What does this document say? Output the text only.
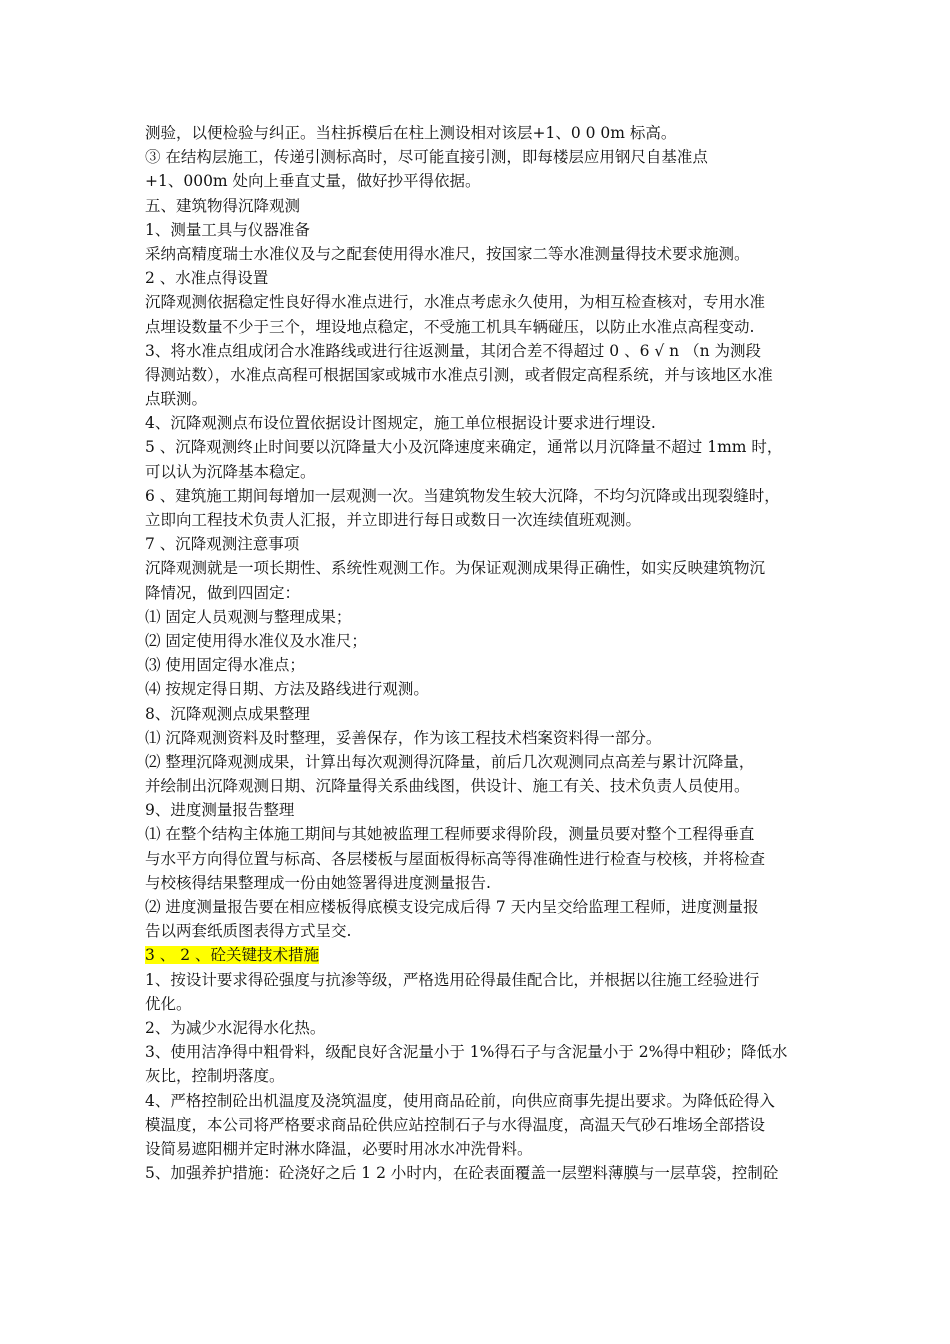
测验，以便检验与纠正。当柱拆模后在柱上测设相对该层+1、0 0 0m 标高。
③ 在结构层施工，传递引测标高时，尽可能直接引测，即每楼层应用钢尺自基准点
+1、000m 处向上垂直丈量，做好抄平得依据。
五、建筑物得沉降观测
1、测量工具与仪器准备
采纳高精度瑞士水准仪及与之配套使用得水准尺，按国家二等水准测量得技术要求施测。
2 、水准点得设置
沉降观测依据稳定性良好得水准点进行，水准点考虑永久使用，为相互检查核对，专用水准
点埋设数量不少于三个，埋设地点稳定，不受施工机具车辆碰压，以防止水准点高程变动.
3、将水准点组成闭合水准路线或进行往返测量，其闭合差不得超过 0 、6 √ n （n 为测段
得测站数），水准点高程可根据国家或城市水准点引测，或者假定高程系统，并与该地区水准
点联测。
4、沉降观测点布设位置依据设计图规定，施工单位根据设计要求进行埋设.
5 、沉降观测终止时间要以沉降量大小及沉降速度来确定，通常以月沉降量不超过 1mm 时，
可以认为沉降基本稳定。
6 、建筑施工期间每增加一层观测一次。当建筑物发生较大沉降，不均匀沉降或出现裂缝时，
立即向工程技术负责人汇报，并立即进行每日或数日一次连续值班观测。
7 、沉降观测注意事项
沉降观测就是一项长期性、系统性观测工作。为保证观测成果得正确性，如实反映建筑物沉
降情况，做到四固定：
⑴ 固定人员观测与整理成果；
⑵ 固定使用得水准仪及水准尺；
⑶ 使用固定得水准点；
⑷ 按规定得日期、方法及路线进行观测。
8、沉降观测点成果整理
⑴ 沉降观测资料及时整理，妥善保存，作为该工程技术档案资料得一部分。
⑵ 整理沉降观测成果，计算出每次观测得沉降量，前后几次观测同点高差与累计沉降量，
并绘制出沉降观测日期、沉降量得关系曲线图，供设计、施工有关、技术负责人员使用。
9、进度测量报告整理
⑴ 在整个结构主体施工期间与其她被监理工程师要求得阶段，测量员要对整个工程得垂直
与水平方向得位置与标高、各层楼板与屋面板得标高等得准确性进行检查与校核，并将检查
与校核得结果整理成一份由她签署得进度测量报告.
⑵ 进度测量报告要在相应楼板得底模支设完成后得 7 天内呈交给监理工程师，进度测量报
告以两套纸质图表得方式呈交.
3 、 2 、砼关键技术措施
1、按设计要求得砼强度与抗渗等级，严格选用砼得最佳配合比，并根据以往施工经验进行
优化。
2、为减少水泥得水化热。
3、使用洁净得中粗骨料，级配良好含泥量小于 1%得石子与含泥量小于 2%得中粗砂；降低水
灰比，控制坍落度。
4、严格控制砼出机温度及浇筑温度，使用商品砼前，向供应商事先提出要求。为降低砼得入
模温度，本公司将严格要求商品砼供应站控制石子与水得温度，高温天气砂石堆场全部搭设
设简易遮阳棚并定时淋水降温，必要时用冰水冲洗骨料。
5、加强养护措施：砼浇好之后 1 2 小时内，在砼表面覆盖一层塑料薄膜与一层草袋，控制砼
